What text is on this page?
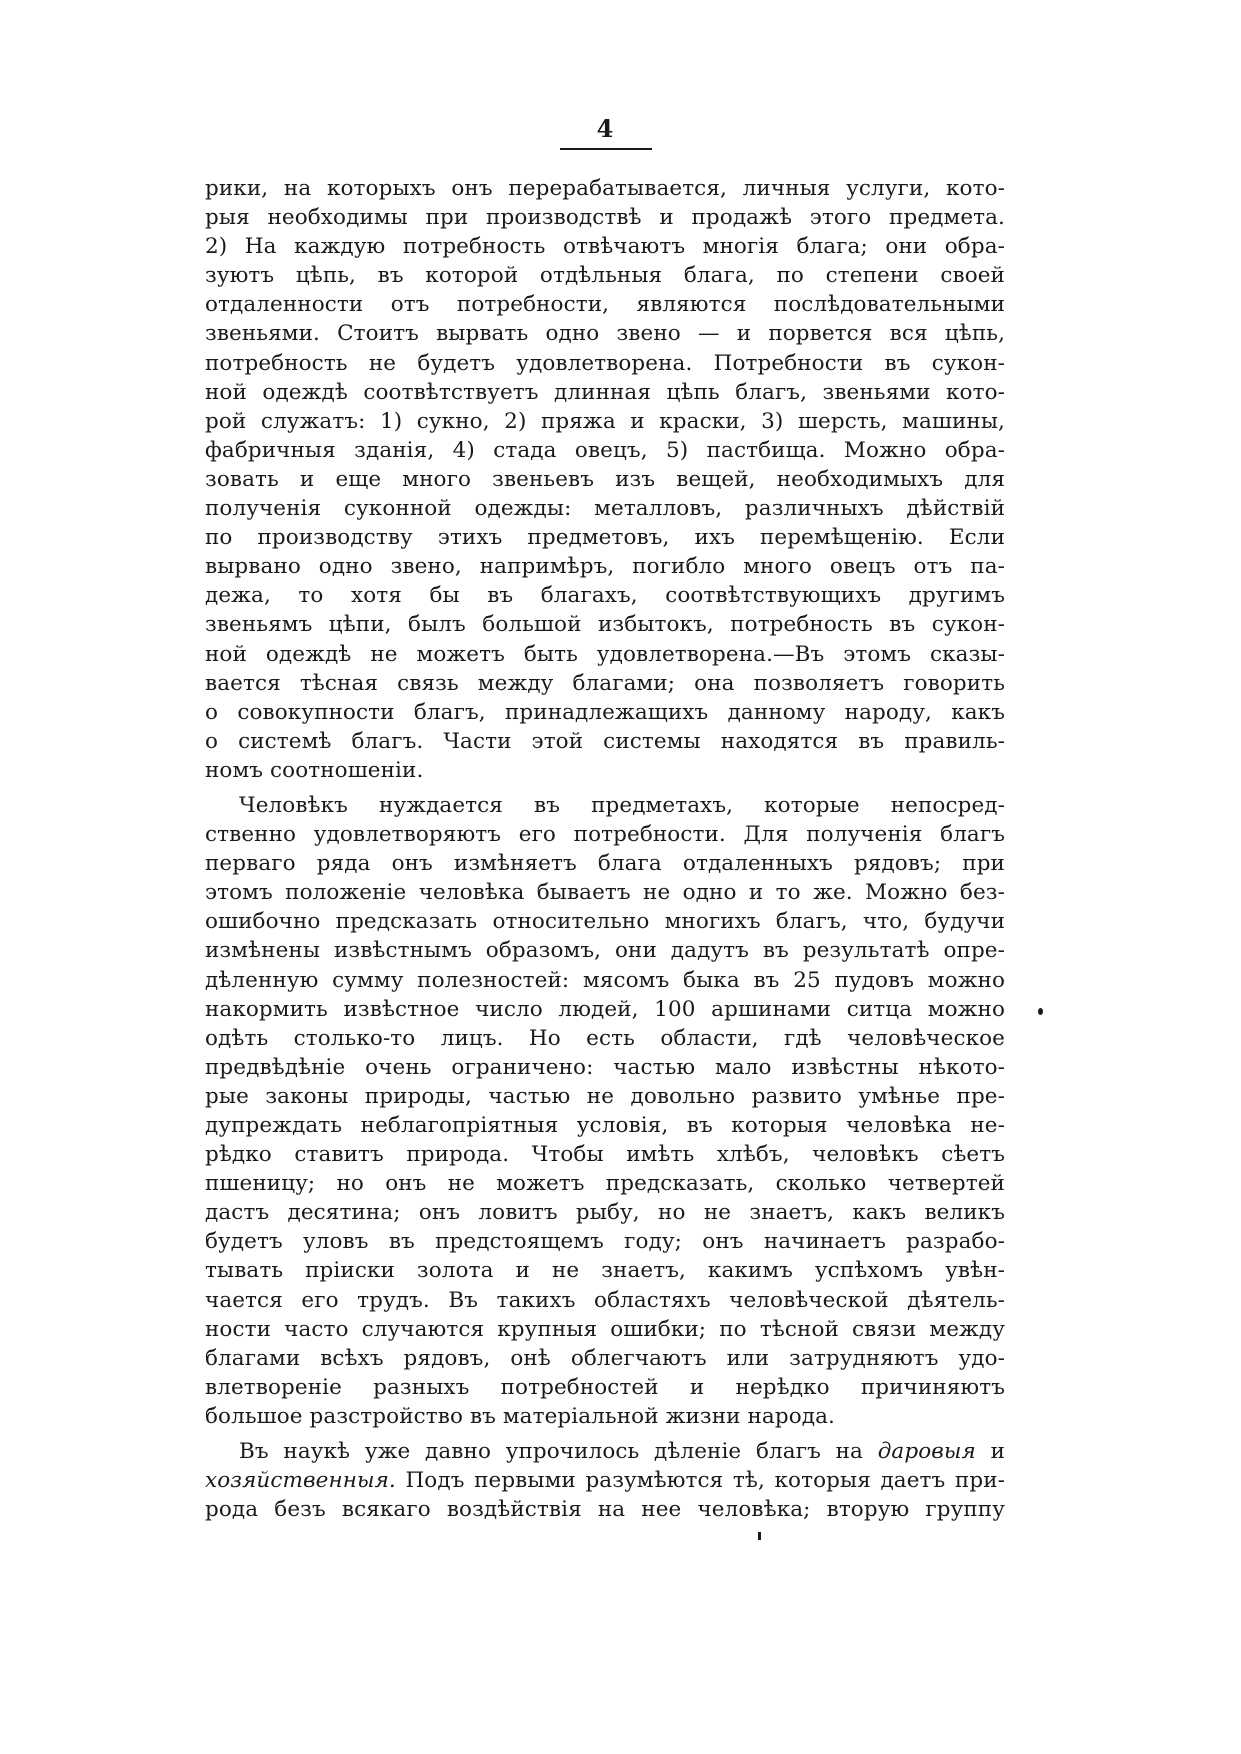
4
рики, на которыхъ онъ перерабатывается, личныя услуги, кото-
рыя необходимы при производствѣ и продажѣ этого предмета.
2) На каждую потребность отвѣчаютъ многія блага; они обра-
зуютъ цѣпь, въ которой отдѣльныя блага, по степени своей
отдаленности отъ потребности, являются послѣдовательными
звеньями. Стоитъ вырвать одно звено — и порвется вся цѣпь,
потребность не будетъ удовлетворена. Потребности въ сукон-
ной одеждѣ соотвѣтствуетъ длинная цѣпь благъ, звеньями кото-
рой служатъ: 1) сукно, 2) пряжа и краски, 3) шерсть, машины,
фабричныя зданія, 4) стада овецъ, 5) пастбища. Можно обра-
зовать и еще много звеньевъ изъ вещей, необходимыхъ для
полученія суконной одежды: металловъ, различныхъ дѣйствій
по производству этихъ предметовъ, ихъ перемѣщенію. Если
вырвано одно звено, напримѣръ, погибло много овецъ отъ па-
дежа, то хотя бы въ благахъ, соотвѣтствующихъ другимъ
звеньямъ цѣпи, былъ большой избытокъ, потребность въ сукон-
ной одеждѣ не можетъ быть удовлетворена.—Въ этомъ сказы-
вается тѣсная связь между благами; она позволяетъ говорить
о совокупности благъ, принадлежащихъ данному народу, какъ
о системѣ благъ. Части этой системы находятся въ правиль-
номъ соотношеніи.
Человѣкъ нуждается въ предметахъ, которые непосред-
ственно удовлетворяютъ его потребности. Для полученія благъ
перваго ряда онъ измѣняетъ блага отдаленныхъ рядовъ; при
этомъ положеніе человѣка бываетъ не одно и то же. Можно без-
ошибочно предсказать относительно многихъ благъ, что, будучи
измѣнены извѣстнымъ образомъ, они дадутъ въ результатѣ опре-
дѣленную сумму полезностей: мясомъ быка въ 25 пудовъ можно
накормить извѣстное число людей, 100 аршинами ситца можно
одѣть столько-то лицъ. Но есть области, гдѣ человѣческое
предвѣдѣніе очень ограничено: частью мало извѣстны нѣкото-
рые законы природы, частью не довольно развито умѣнье пре-
дупреждать неблагопріятныя условія, въ которыя человѣка не-
рѣдко ставитъ природа. Чтобы имѣть хлѣбъ, человѣкъ сѣетъ
пшеницу; но онъ не можетъ предсказать, сколько четвертей
дастъ десятина; онъ ловитъ рыбу, но не знаетъ, какъ великъ
будетъ уловъ въ предстоящемъ году; онъ начинаетъ разрабо-
тывать пріиски золота и не знаетъ, какимъ успѣхомъ увѣн-
чается его трудъ. Въ такихъ областяхъ человѣческой дѣятель-
ности часто случаются крупныя ошибки; по тѣсной связи между
благами всѣхъ рядовъ, онѣ облегчаютъ или затрудняютъ удо-
влетвореніе разныхъ потребностей и нерѣдко причиняютъ
большое разстройство въ матеріальной жизни народа.
Въ наукѣ уже давно упрочилось дѣленіе благъ на даровыя и
хозяйственныя. Подъ первыми разумѣются тѣ, которыя даетъ при-
рода безъ всякаго воздѣйствія на нее человѣка; вторую группу
